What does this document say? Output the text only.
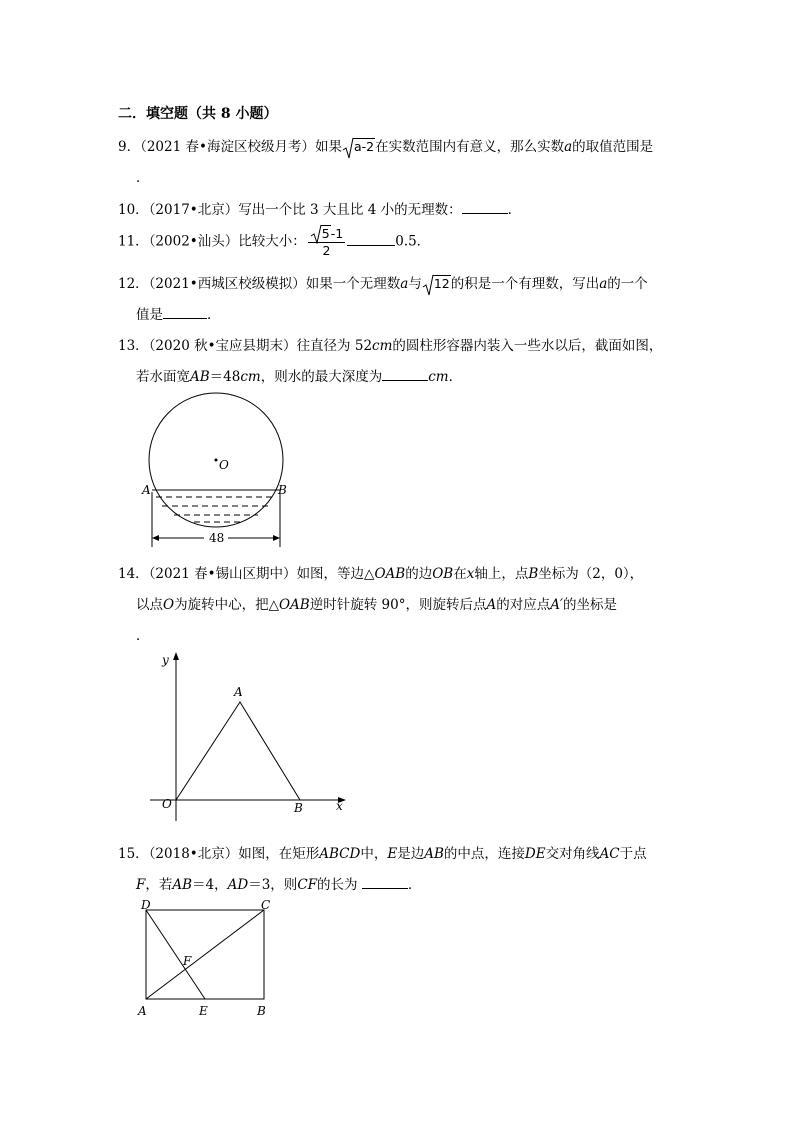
二．填空题（共 8 小题）
9．（2021 春•海淀区校级月考）如果 a-2在实数范围内有意义，那么实数a的取值范围是
．
10．（2017•北京）写出一个比 3 大且比 4 小的无理数：	．
11．（2002•汕头）比较大小： $\frac{5-1}{2}$	0.5．
12．（2021•西城区校级模拟）如果一个无理数a与 12的积是一个有理数，写出a的一个
值是	．
13．（2020 秋•宝应县期末）往直径为 52cm的圆柱形容器内装入一些水以后，截面如图，
若水面宽AB＝48cm，则水的最大深度为	cm．
O
A	B
48
14．（2021 春•锡山区期中）如图，等边△OAB的边OB在x轴上，点B坐标为（2，0），
以点O为旋转中心，把△OAB逆时针旋转 90°，则旋转后点A的对应点A′的坐标是
．
y
x
O
A
B
15．（2018•北京）如图，在矩形ABCD中，E是边AB的中点，连接DE交对角线AC于点
F，若AB＝4，AD＝3，则CF的长为	．
A	B
C
D
E
F
